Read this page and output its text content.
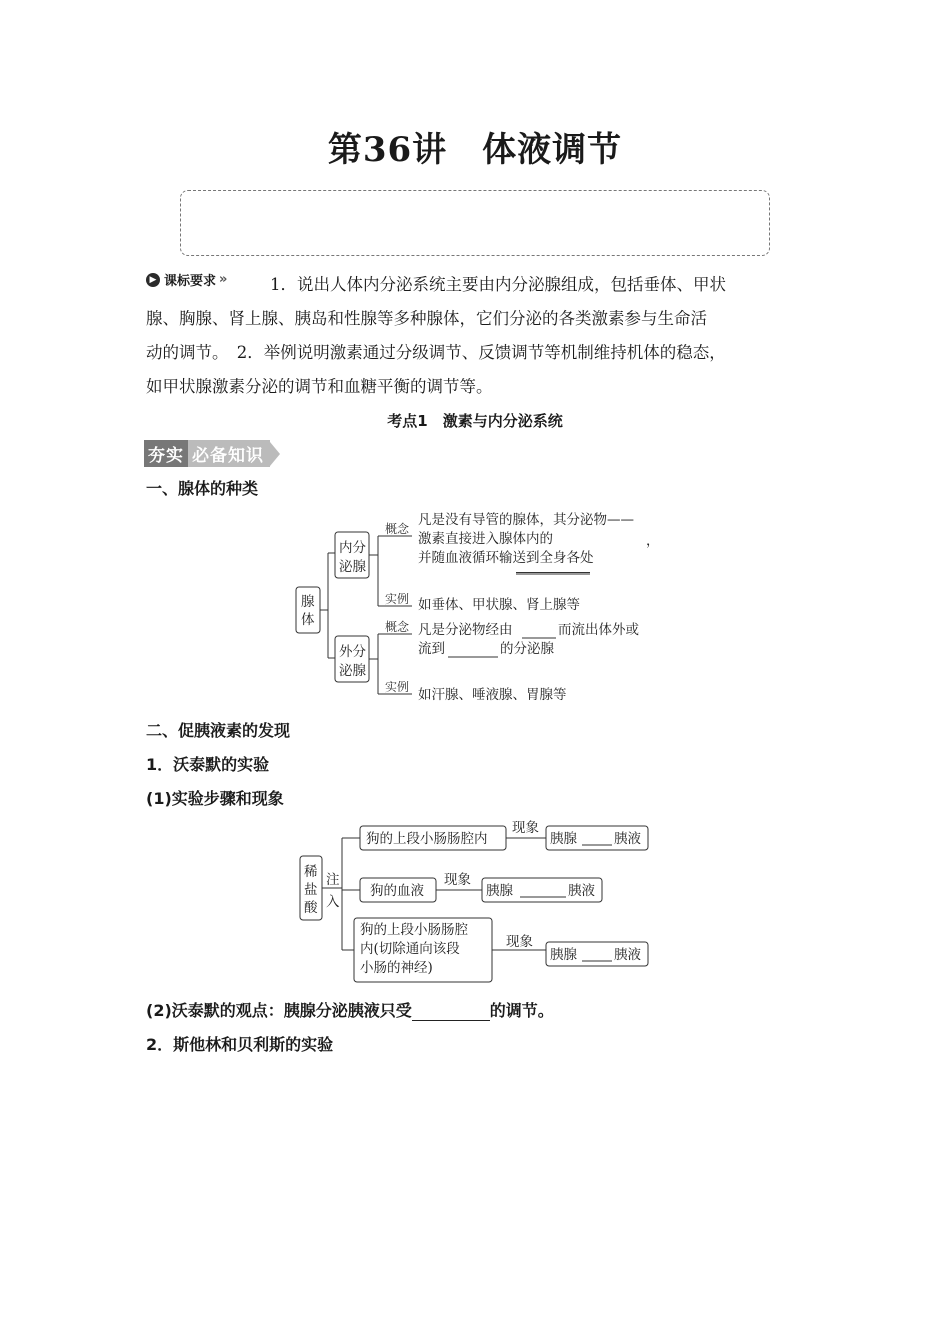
第36讲　体液调节
▶ 课标要求 »	1．说出人体内分泌系统主要由内分泌腺组成，包括垂体、甲状
腺、胸腺、肾上腺、胰岛和性腺等多种腺体，它们分泌的各类激素参与生命活
动的调节。　2．举例说明激素通过分级调节、反馈调节等机制维持机体的稳态，
如甲状腺激素分泌的调节和血糖平衡的调节等。
考点1　激素与内分泌系统
夯实 必备知识
一、腺体的种类
腺
体
内分
泌腺
外分
泌腺
概念
实例
概念
实例
凡是没有导管的腺体，其分泌物——
激素直接进入腺体内的	，
并随血液循环输送到全身各处
如垂体、甲状腺、肾上腺等
凡是分泌物经由	而流出体外或
流到	的分泌腺
如汗腺、唾液腺、胃腺等
二、促胰液素的发现
1．沃泰默的实验
(1)实验步骤和现象
稀
盐
酸
注
入
狗的上段小肠肠腔内
狗的血液
狗的上段小肠肠腔
内(切除通向该段
小肠的神经)
现象
现象
现象
胰腺	胰液
胰腺	胰液
胰腺	胰液
(2)沃泰默的观点：胰腺分泌胰液只受	的调节。
2．斯他林和贝利斯的实验
